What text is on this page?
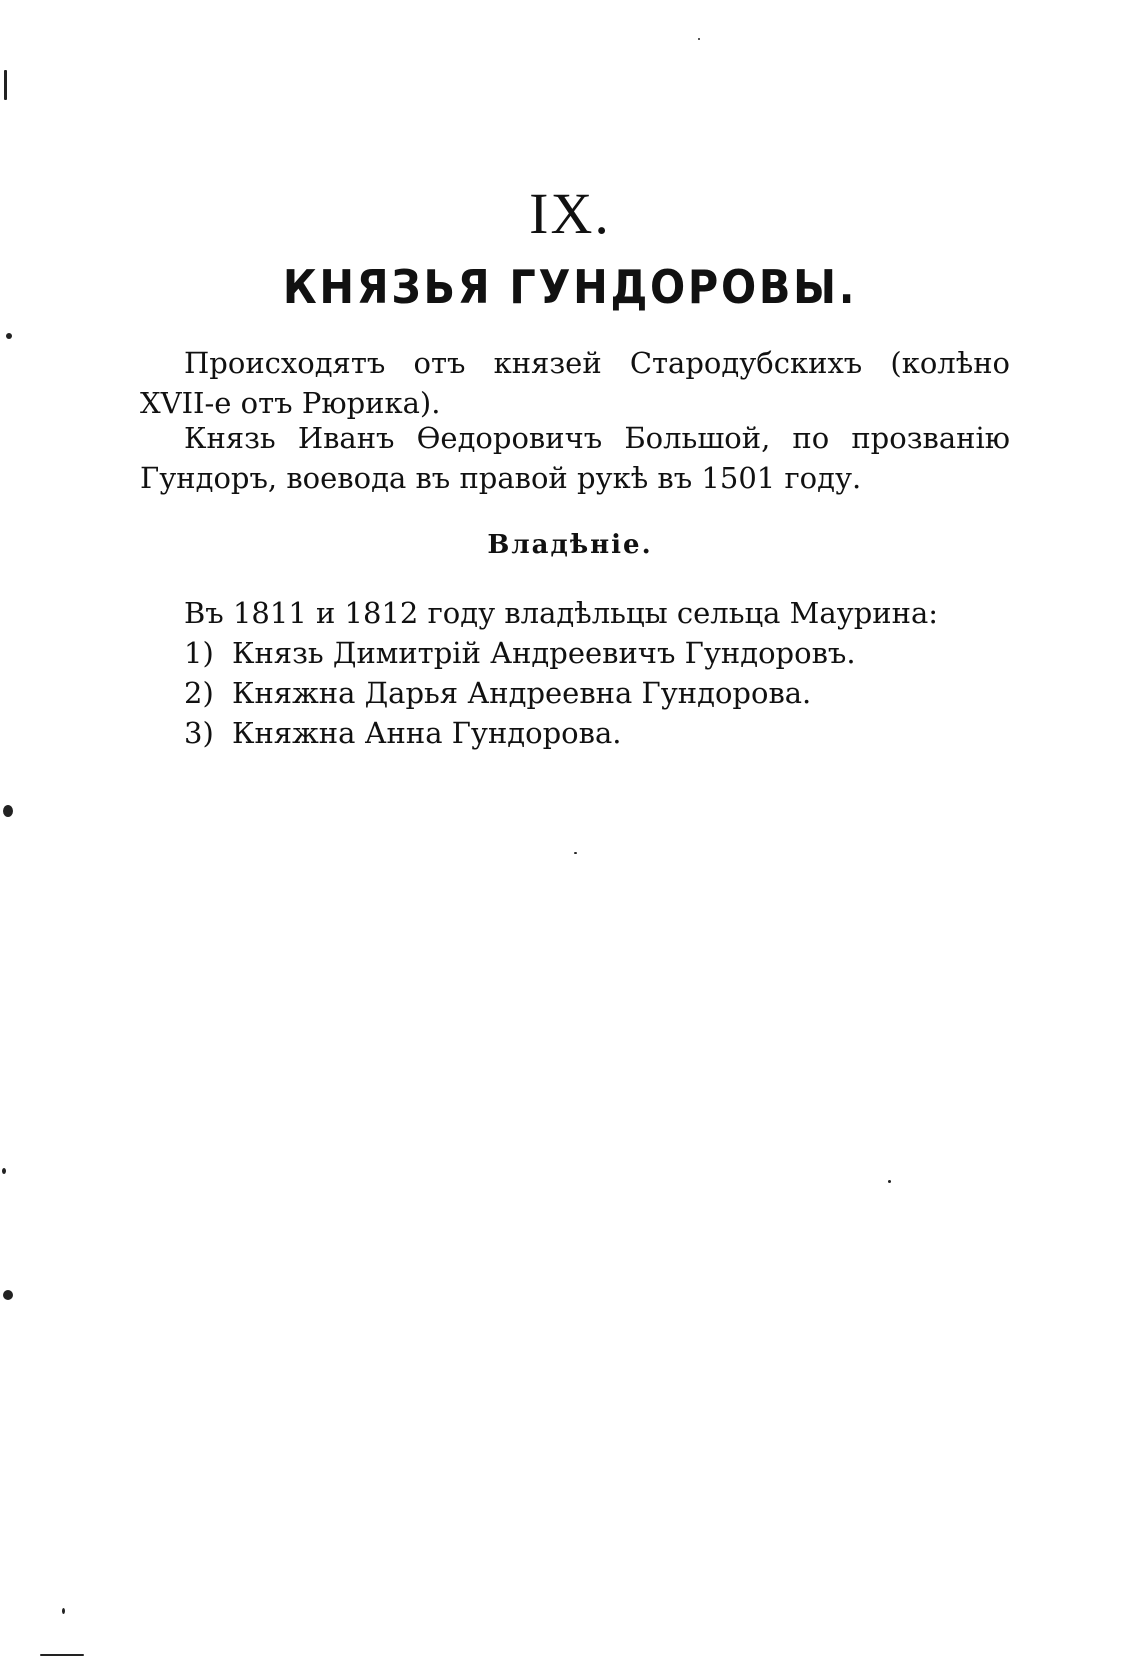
IX.
КНЯЗЬЯ ГУНДОРОВЫ.

Происходятъ отъ князей Стародубскихъ (колѣно XVII-е отъ Рюрика).

Князь Иванъ Ѳедоровичъ Большой, по прозванію Гундоръ, воевода въ правой рукѣ въ 1501 году.

Владѣніе.

Въ 1811 и 1812 году владѣльцы сельца Маурина:

1) Князь Димитрій Андреевичъ Гундоровъ.
2) Княжна Дарья Андреевна Гундорова.
3) Княжна Анна Гундорова.
